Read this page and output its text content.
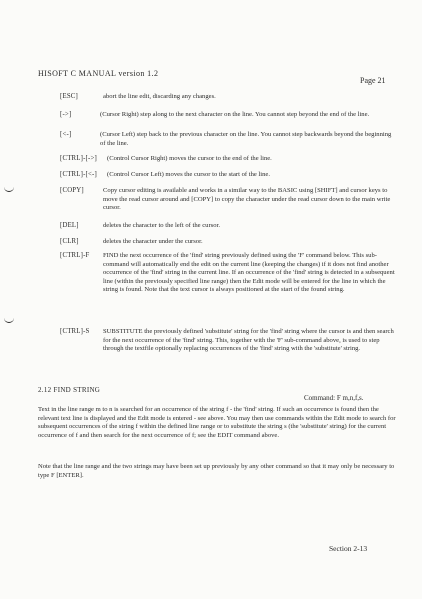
HISOFT C MANUAL version 1.2
Page 21
[ESC]	abort the line edit, discarding any changes.
[->]	(Cursor Right) step along to the next character on the line. You cannot step beyond the end of the line.
[<-]	(Cursor Left) step back to the previous character on the line. You cannot step backwards beyond the beginning of the line.
[CTRL]-[->] (Control Cursor Right) moves the cursor to the end of the line.
[CTRL]-[<-] (Control Cursor Left) moves the cursor to the start of the line.
[COPY]	Copy cursor editing is available and works in a similar way to the BASIC using [SHIFT] and cursor keys to move the read cursor around and [COPY] to copy the character under the read cursor down to the main write cursor.
[DEL]	deletes the character to the left of the cursor.
[CLR]	deletes the character under the cursor.
[CTRL]-F FIND the next occurrence of the 'find' string previously defined using the 'F' command below. This sub-command will automatically end the edit on the current line (keeping the changes) if it does not find another occurrence of the 'find' string in the current line. If an occurrence of the 'find' string is detected in a subsequent line (within the previously specified line range) then the Edit mode will be entered for the line in which the string is found. Note that the text cursor is always positioned at the start of the found string.
[CTRL]-S SUBSTITUTE the previously defined 'substitute' string for the 'find' string where the cursor is and then search for the next occurrence of the 'find' string. This, together with the 'F' sub-command above, is used to step through the textfile optionally replacing occurrences of the 'find' string with the 'substitute' string.
2.12 FIND STRING
Command: F m,n,f,s.
Text in the line range m to n is searched for an occurrence of the string f - the 'find' string. If such an occurrence is found then the relevant text line is displayed and the Edit mode is entered - see above. You may then use commands within the Edit mode to search for subsequent occurrences of the string f within the defined line range or to substitute the string s (the 'substitute' string) for the current occurrence of f and then search for the next occurrence of f; see the EDIT command above.
Note that the line range and the two strings may have been set up previously by any other command so that it may only be necessary to type F [ENTER].
Section 2-13
